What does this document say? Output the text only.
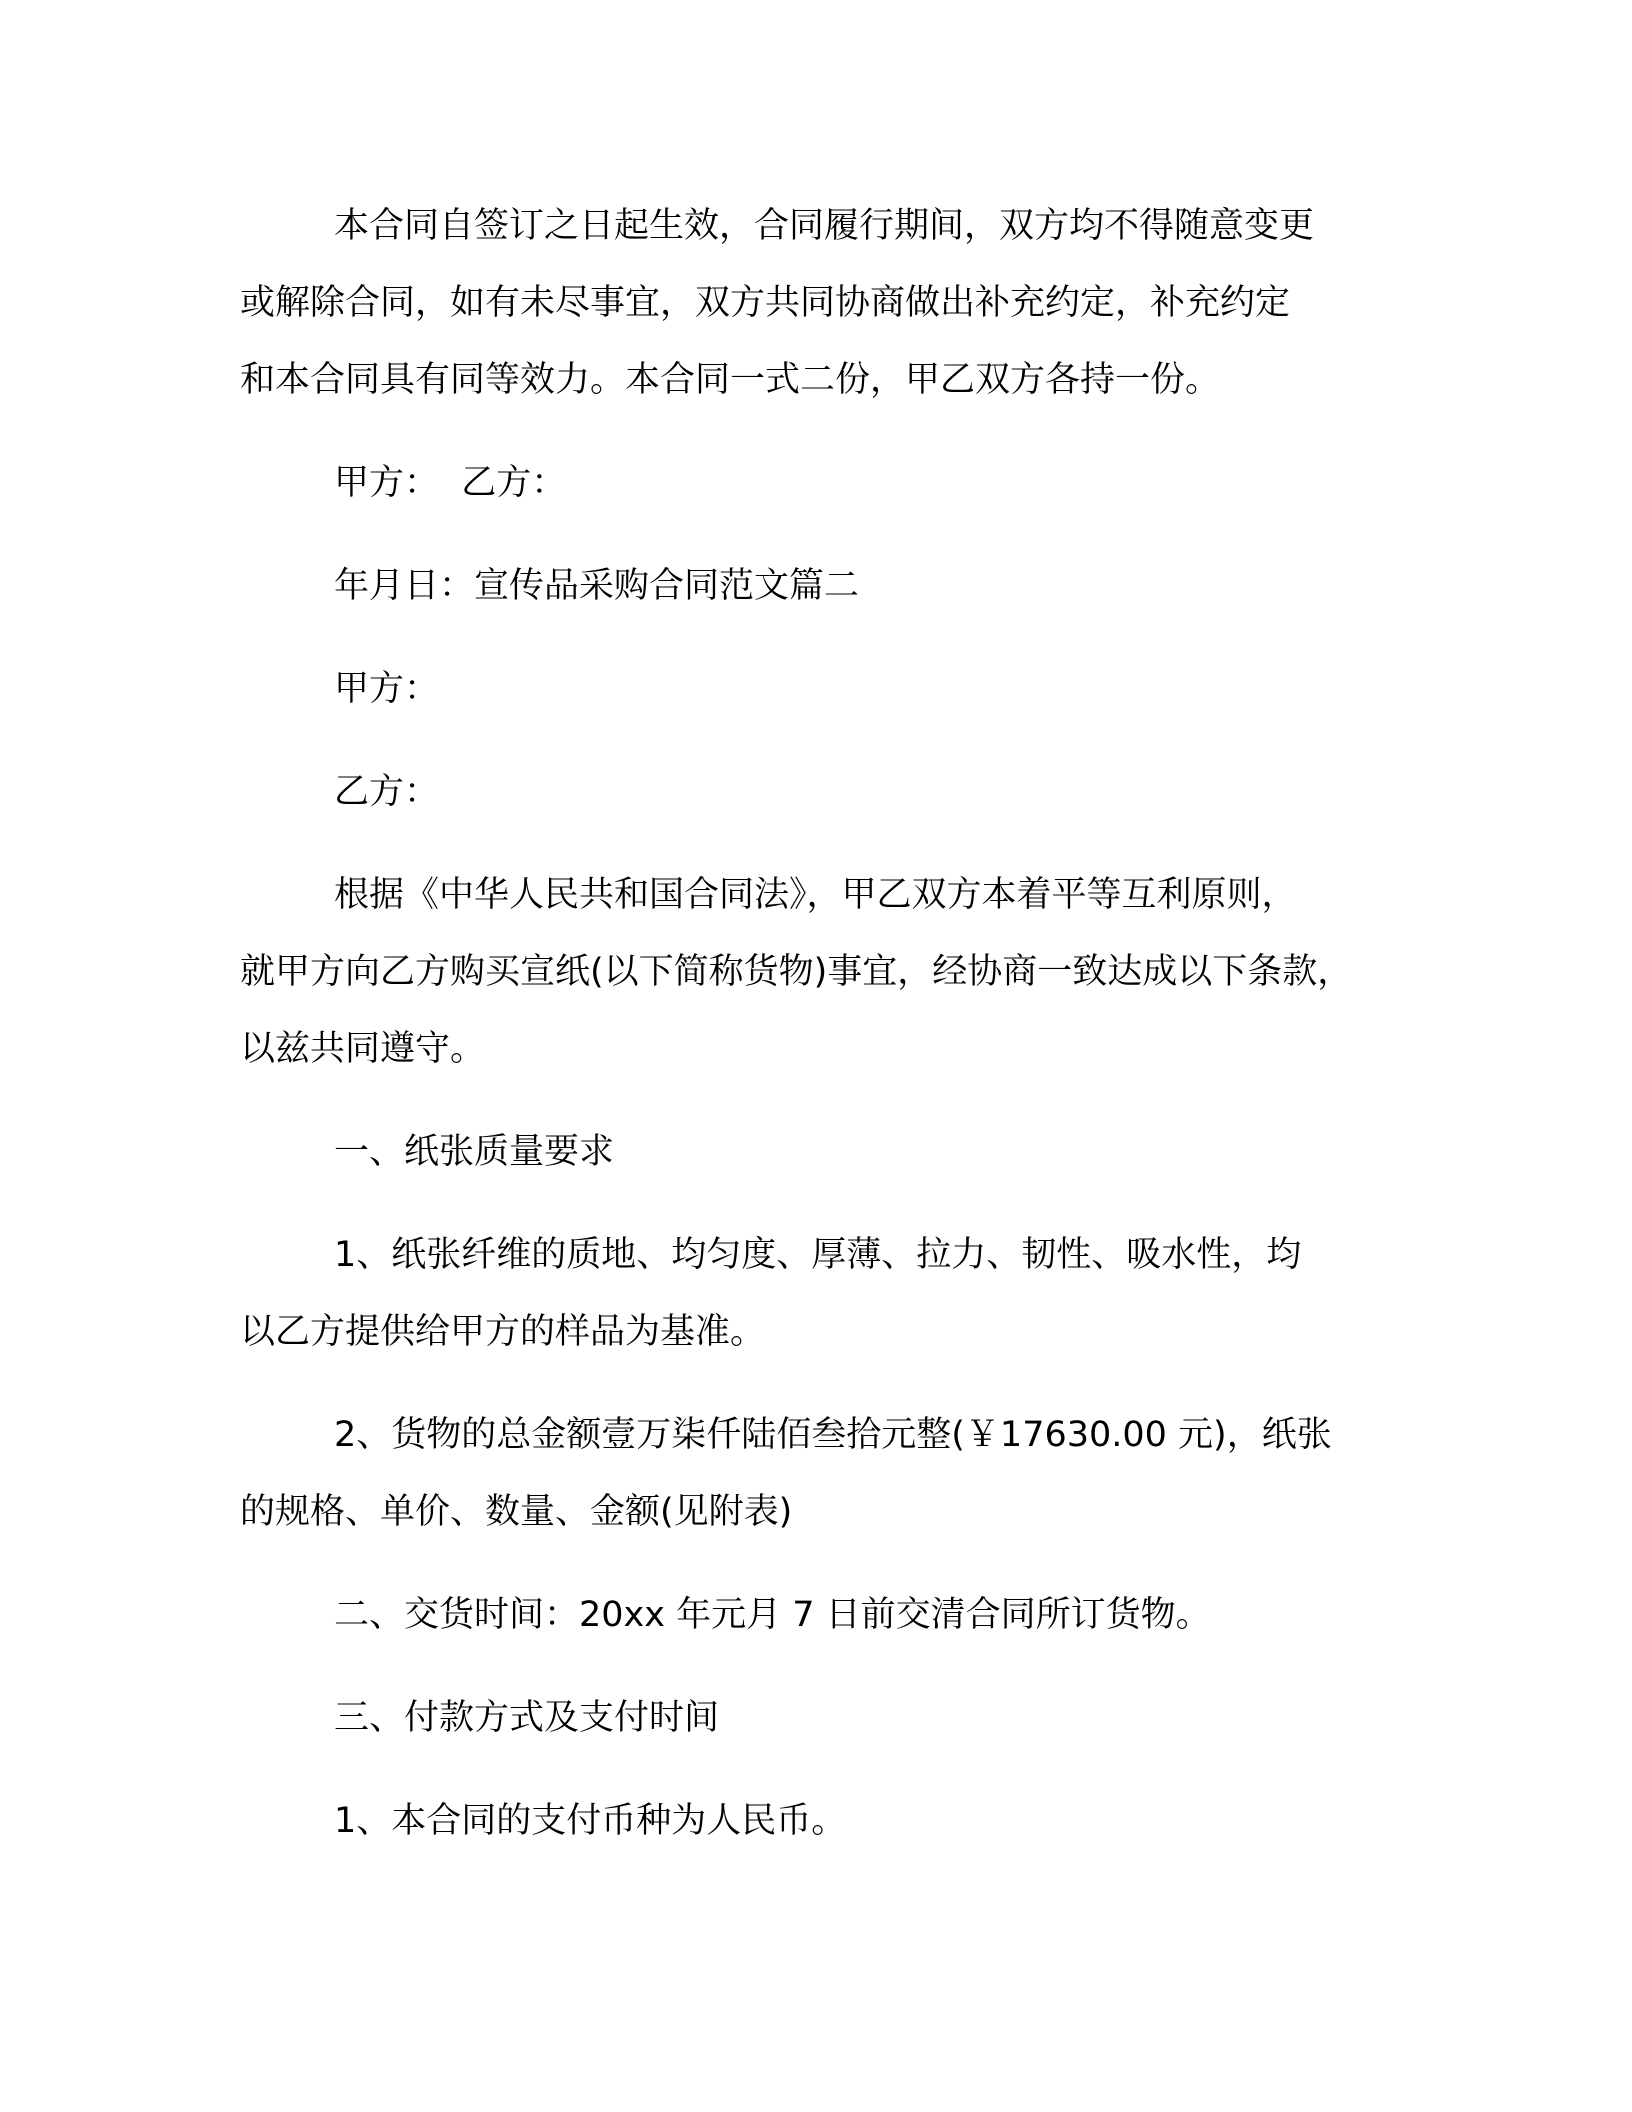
本合同自签订之日起生效，合同履行期间，双方均不得随意变更
或解除合同，如有未尽事宜，双方共同协商做出补充约定，补充约定
和本合同具有同等效力。本合同一式二份，甲乙双方各持一份。

甲方：  乙方：

年月日：宣传品采购合同范文篇二

甲方：

乙方：

根据《中华人民共和国合同法》，甲乙双方本着平等互利原则，
就甲方向乙方购买宣纸(以下简称货物)事宜，经协商一致达成以下条款，
以兹共同遵守。

一、纸张质量要求

1、纸张纤维的质地、均匀度、厚薄、拉力、韧性、吸水性，均
以乙方提供给甲方的样品为基准。

2、货物的总金额壹万柒仟陆佰叁拾元整(￥17630.00 元)，纸张
的规格、单价、数量、金额(见附表)

二、交货时间：20xx 年元月 7 日前交清合同所订货物。

三、付款方式及支付时间

1、本合同的支付币种为人民币。
